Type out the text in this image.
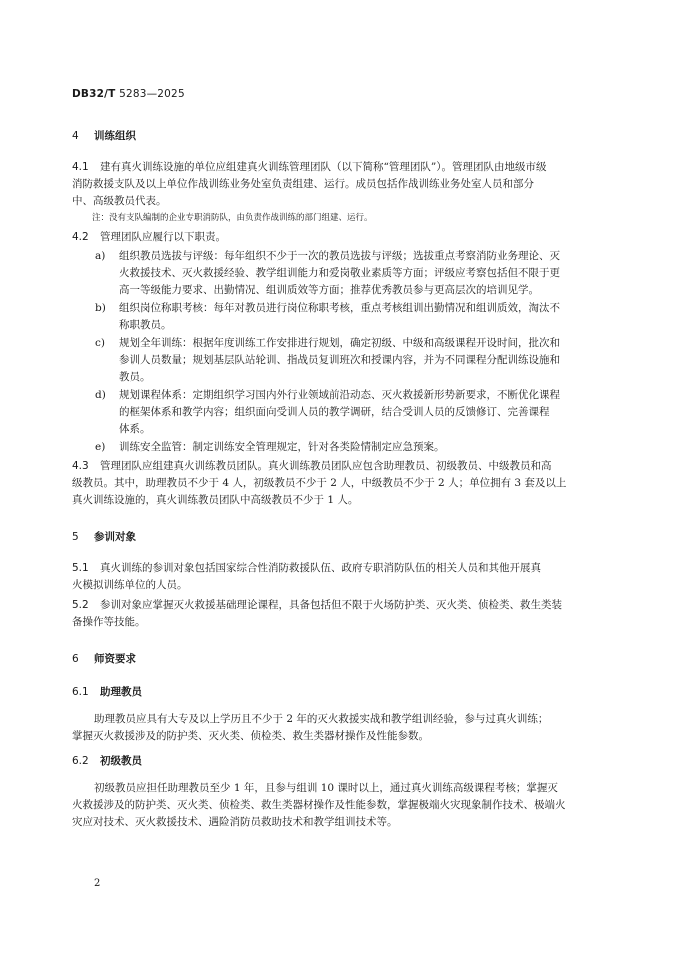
DB32/T 5283—2025
4 训练组织
4.1 建有真火训练设施的单位应组建真火训练管理团队（以下简称“管理团队”）。管理团队由地级市级
消防救援支队及以上单位作战训练业务处室负责组建、运行。成员包括作战训练业务处室人员和部分
中、高级教员代表。
注：没有支队编制的企业专职消防队，由负责作战训练的部门组建、运行。
4.2 管理团队应履行以下职责。
a) 组织教员选拔与评级：每年组织不少于一次的教员选拔与评级；选拔重点考察消防业务理论、灭
火救援技术、灭火救援经验、教学组训能力和爱岗敬业素质等方面；评级应考察包括但不限于更
高一等级能力要求、出勤情况、组训质效等方面；推荐优秀教员参与更高层次的培训见学。
b) 组织岗位称职考核：每年对教员进行岗位称职考核，重点考核组训出勤情况和组训质效，淘汰不
称职教员。
c) 规划全年训练：根据年度训练工作安排进行规划，确定初级、中级和高级课程开设时间，批次和
参训人员数量；规划基层队站轮训、指战员复训班次和授课内容，并为不同课程分配训练设施和
教员。
d) 规划课程体系：定期组织学习国内外行业领域前沿动态、灭火救援新形势新要求，不断优化课程
的框架体系和教学内容；组织面向受训人员的教学调研，结合受训人员的反馈修订、完善课程
体系。
e) 训练安全监管：制定训练安全管理规定，针对各类险情制定应急预案。
4.3 管理团队应组建真火训练教员团队。真火训练教员团队应包含助理教员、初级教员、中级教员和高
级教员。其中，助理教员不少于 4 人，初级教员不少于 2 人，中级教员不少于 2 人；单位拥有 3 套及以上
真火训练设施的，真火训练教员团队中高级教员不少于 1 人。
5 参训对象
5.1 真火训练的参训对象包括国家综合性消防救援队伍、政府专职消防队伍的相关人员和其他开展真
火模拟训练单位的人员。
5.2 参训对象应掌握灭火救援基础理论课程，具备包括但不限于火场防护类、灭火类、侦检类、救生类装
备操作等技能。
6 师资要求
6.1 助理教员
助理教员应具有大专及以上学历且不少于 2 年的灭火救援实战和教学组训经验，参与过真火训练；
掌握灭火救援涉及的防护类、灭火类、侦检类、救生类器材操作及性能参数。
6.2 初级教员
初级教员应担任助理教员至少 1 年，且参与组训 10 课时以上，通过真火训练高级课程考核；掌握灭
火救援涉及的防护类、灭火类、侦检类、救生类器材操作及性能参数，掌握极端火灾现象制作技术、极端火
灾应对技术、灭火救援技术、遇险消防员救助技术和教学组训技术等。
2
